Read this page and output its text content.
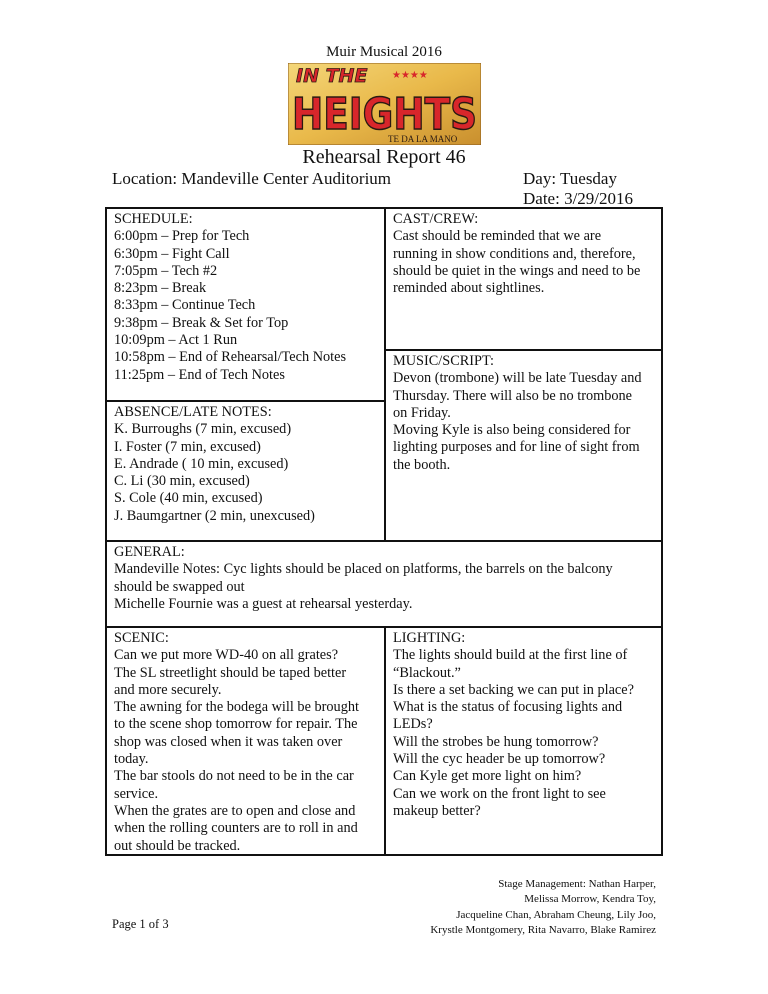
Muir Musical 2016
IN THE ★★★★
HEIGHTS
TE DA LA MANO
Rehearsal Report 46
Location: Mandeville Center Auditorium	Day: Tuesday
Date: 3/29/2016
SCHEDULE:
6:00pm – Prep for Tech
6:30pm – Fight Call
7:05pm – Tech #2
8:23pm – Break
8:33pm – Continue Tech
9:38pm – Break & Set for Top
10:09pm – Act 1 Run
10:58pm – End of Rehearsal/Tech Notes
11:25pm – End of Tech Notes
CAST/CREW:
Cast should be reminded that we are
running in show conditions and, therefore,
should be quiet in the wings and need to be
reminded about sightlines.
ABSENCE/LATE NOTES:
K. Burroughs (7 min, excused)
I. Foster (7 min, excused)
E. Andrade ( 10 min, excused)
C. Li (30 min, excused)
S. Cole (40 min, excused)
J. Baumgartner (2 min, unexcused)
MUSIC/SCRIPT:
Devon (trombone) will be late Tuesday and
Thursday. There will also be no trombone
on Friday.
Moving Kyle is also being considered for
lighting purposes and for line of sight from
the booth.
GENERAL:
Mandeville Notes: Cyc lights should be placed on platforms, the barrels on the balcony
should be swapped out
Michelle Fournie was a guest at rehearsal yesterday.
SCENIC:
Can we put more WD-40 on all grates?
The SL streetlight should be taped better
and more securely.
The awning for the bodega will be brought
to the scene shop tomorrow for repair. The
shop was closed when it was taken over
today.
The bar stools do not need to be in the car
service.
When the grates are to open and close and
when the rolling counters are to roll in and
out should be tracked.
LIGHTING:
The lights should build at the first line of
“Blackout.”
Is there a set backing we can put in place?
What is the status of focusing lights and
LEDs?
Will the strobes be hung tomorrow?
Will the cyc header be up tomorrow?
Can Kyle get more light on him?
Can we work on the front light to see
makeup better?
Stage Management: Nathan Harper,
Melissa Morrow, Kendra Toy,
Jacqueline Chan, Abraham Cheung, Lily Joo,
Krystle Montgomery, Rita Navarro, Blake Ramirez
Page 1 of 3
